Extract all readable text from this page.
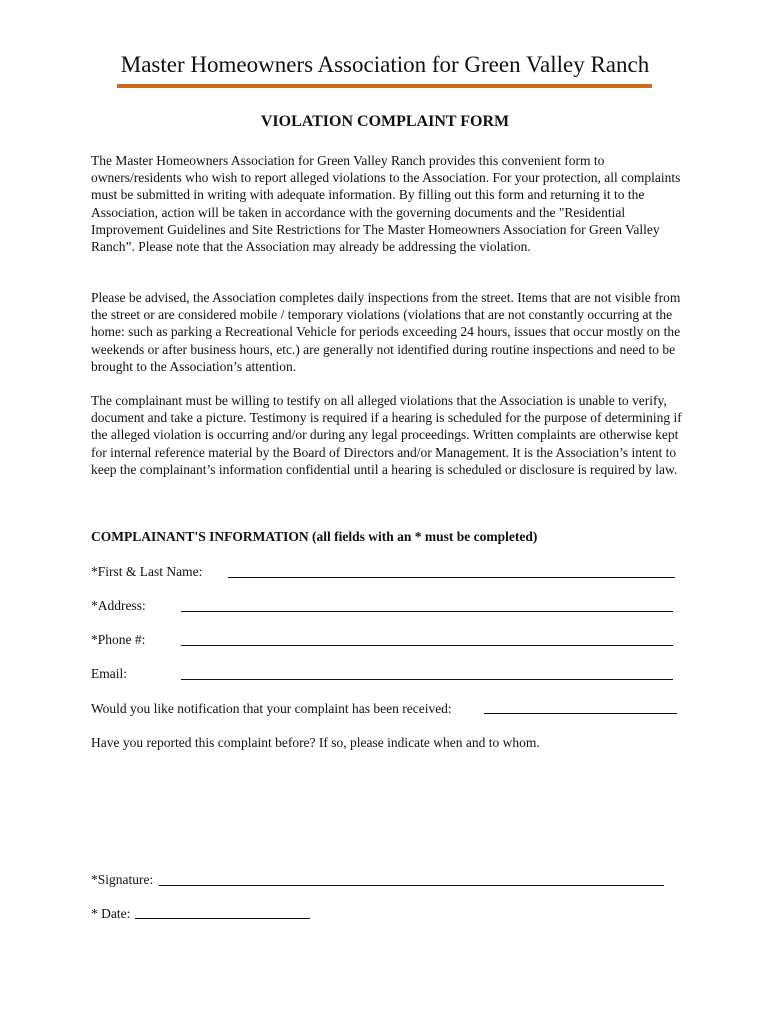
Master Homeowners Association for Green Valley Ranch
VIOLATION COMPLAINT FORM

The Master Homeowners Association for Green Valley Ranch provides this convenient form to owners/residents who wish to report alleged violations to the Association. For your protection, all complaints must be submitted in writing with adequate information. By filling out this form and returning it to the Association, action will be taken in accordance with the governing documents and the "Residential Improvement Guidelines and Site Restrictions for The Master Homeowners Association for Green Valley Ranch”. Please note that the Association may already be addressing the violation.

Please be advised, the Association completes daily inspections from the street. Items that are not visible from the street or are considered mobile / temporary violations (violations that are not constantly occurring at the home: such as parking a Recreational Vehicle for periods exceeding 24 hours, issues that occur mostly on the weekends or after business hours, etc.) are generally not identified during routine inspections and need to be brought to the Association’s attention.

The complainant must be willing to testify on all alleged violations that the Association is unable to verify, document and take a picture. Testimony is required if a hearing is scheduled for the purpose of determining if the alleged violation is occurring and/or during any legal proceedings. Written complaints are otherwise kept for internal reference material by the Board of Directors and/or Management. It is the Association’s intent to keep the complainant’s information confidential until a hearing is scheduled or disclosure is required by law.

COMPLAINANT'S INFORMATION (all fields with an * must be completed)
*First & Last Name:
*Address:
*Phone #:
Email:
Would you like notification that your complaint has been received:
Have you reported this complaint before? If so, please indicate when and to whom.
*Signature:
* Date:
